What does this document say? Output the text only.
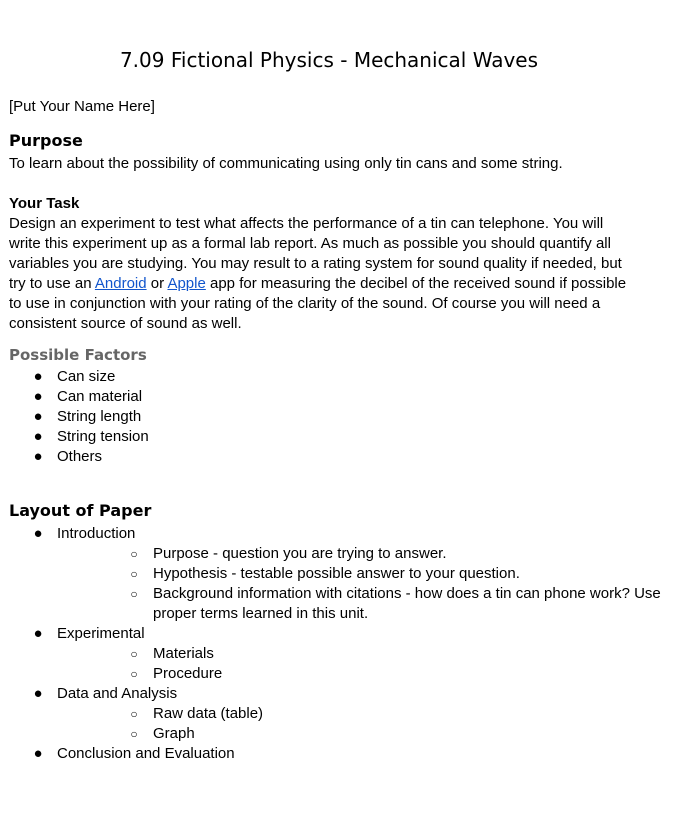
7.09 Fictional Physics - Mechanical Waves
[Put Your Name Here]
Purpose
To learn about the possibility of communicating using only tin cans and some string.
Your Task
Design an experiment to test what affects the performance of a tin can telephone. You will
write this experiment up as a formal lab report. As much as possible you should quantify all
variables you are studying. You may result to a rating system for sound quality if needed, but
try to use an Android or Apple app for measuring the decibel of the received sound if possible
to use in conjunction with your rating of the clarity of the sound. Of course you will need a
consistent source of sound as well.
Possible Factors
● Can size
● Can material
● String length
● String tension
● Others
Layout of Paper
● Introduction
○ Purpose - question you are trying to answer.
○ Hypothesis - testable possible answer to your question.
○ Background information with citations - how does a tin can phone work? Use proper terms learned in this unit.
● Experimental
○ Materials
○ Procedure
● Data and Analysis
○ Raw data (table)
○ Graph
● Conclusion and Evaluation
